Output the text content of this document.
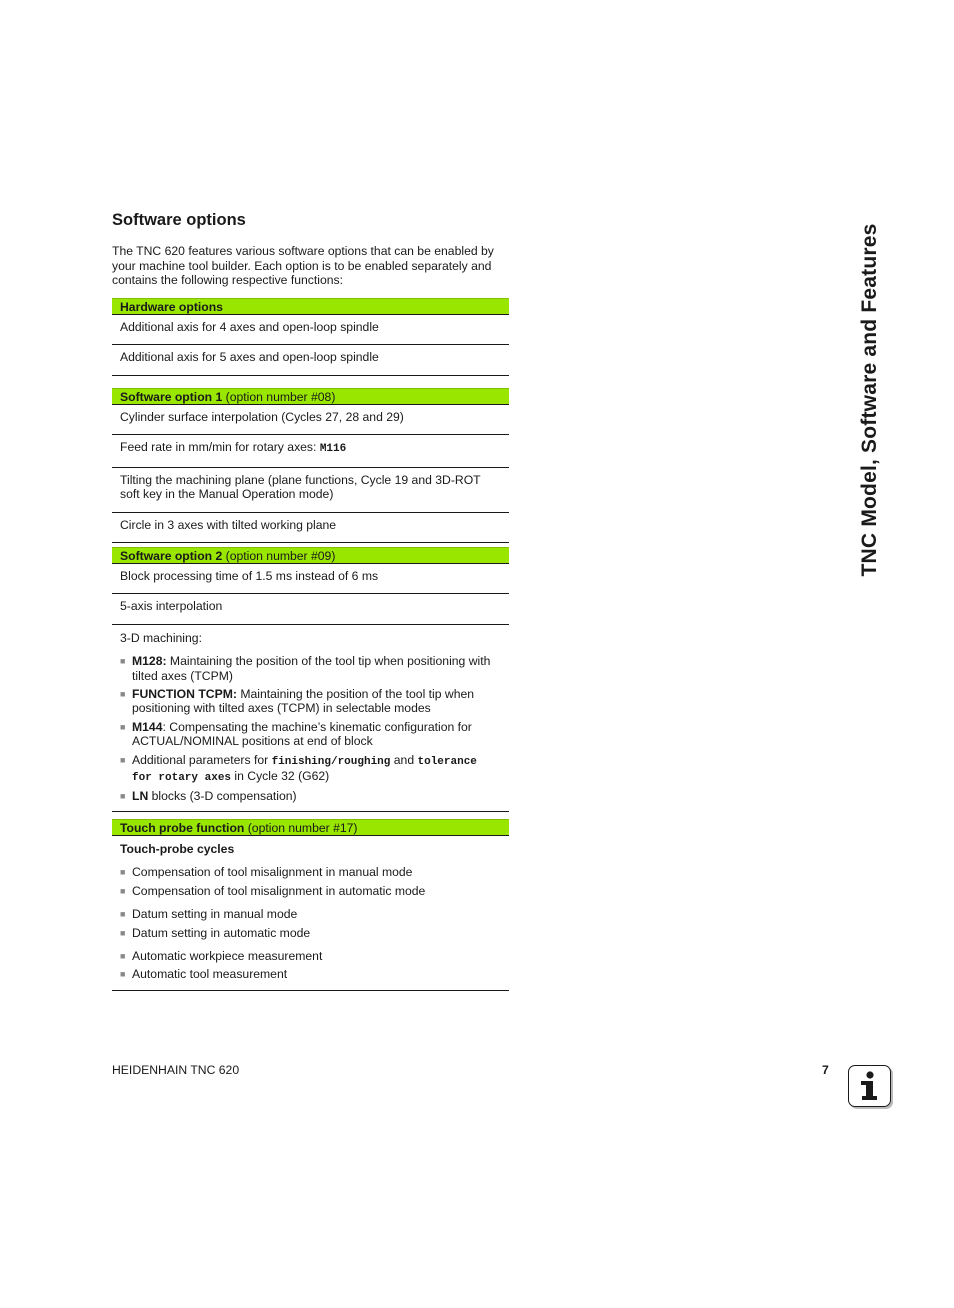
Software options

The TNC 620 features various software options that can be enabled by your machine tool builder. Each option is to be enabled separately and contains the following respective functions:

Hardware options
Additional axis for 4 axes and open-loop spindle
Additional axis for 5 axes and open-loop spindle
Software option 1 (option number #08)
Cylinder surface interpolation (Cycles 27, 28 and 29)
Feed rate in mm/min for rotary axes: M116
Tilting the machining plane (plane functions, Cycle 19 and 3D-ROT soft key in the Manual Operation mode)
Circle in 3 axes with tilted working plane
Software option 2 (option number #09)
Block processing time of 1.5 ms instead of 6 ms
5-axis interpolation
3-D machining:
■ M128: Maintaining the position of the tool tip when positioning with tilted axes (TCPM)
■ FUNCTION TCPM: Maintaining the position of the tool tip when positioning with tilted axes (TCPM) in selectable modes
■ M144: Compensating the machine’s kinematic configuration for ACTUAL/NOMINAL positions at end of block
■ Additional parameters for finishing/roughing and tolerance for rotary axes in Cycle 32 (G62)
■ LN blocks (3-D compensation)
Touch probe function (option number #17)
Touch-probe cycles
■ Compensation of tool misalignment in manual mode
■ Compensation of tool misalignment in automatic mode
■ Datum setting in manual mode
■ Datum setting in automatic mode
■ Automatic workpiece measurement
■ Automatic tool measurement
TNC Model, Software and Features
HEIDENHAIN TNC 620	7
